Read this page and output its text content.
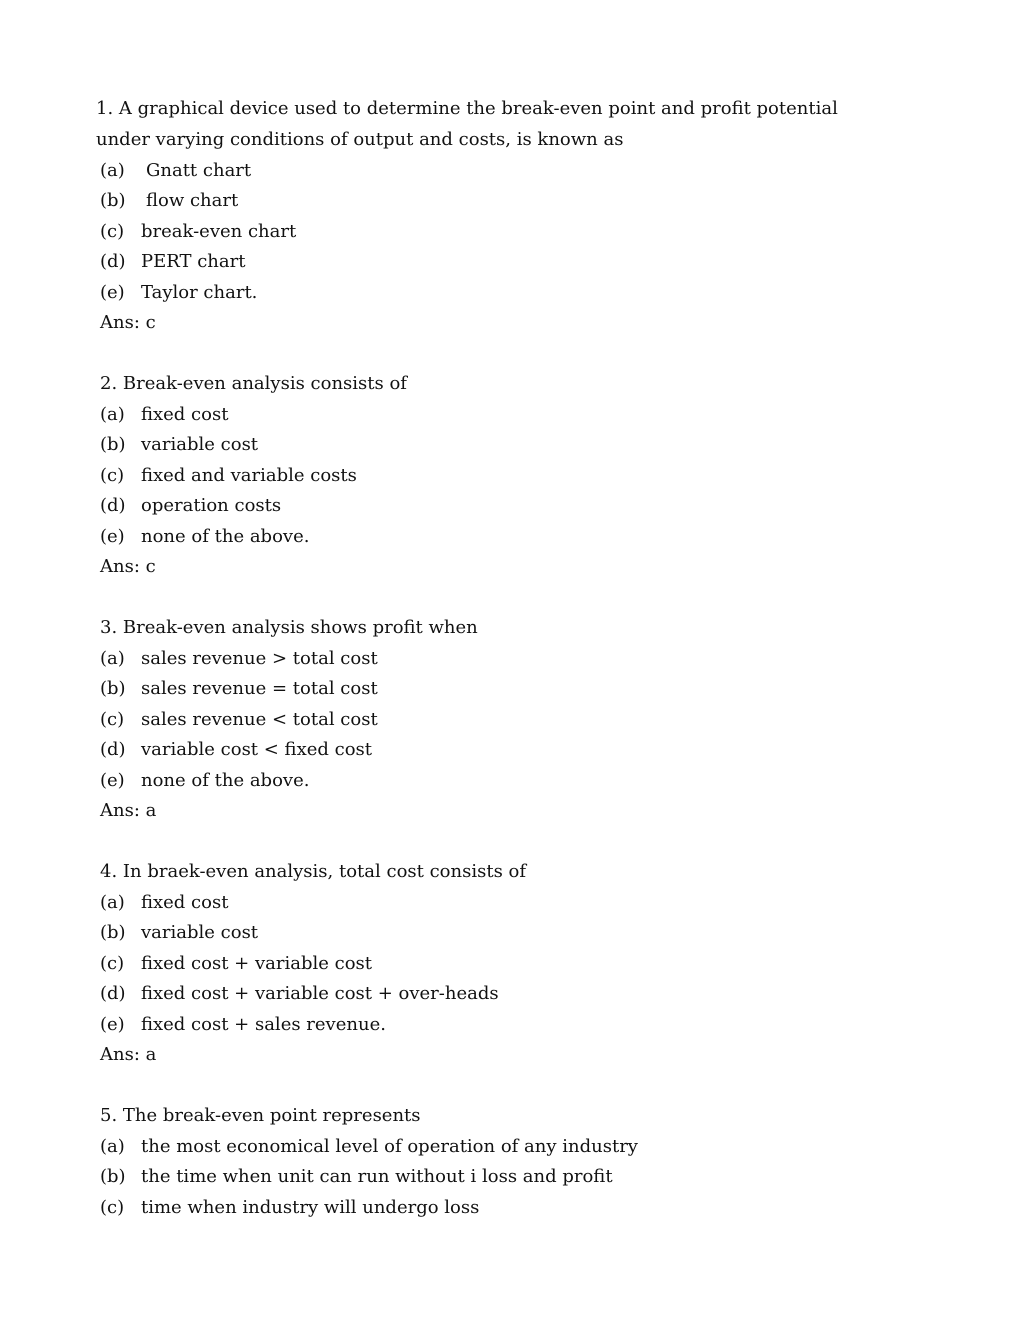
1. A graphical device used to determine the break-even point and profit potential under varying conditions of output and costs, is known as

(a) Gnatt chart
(b) flow chart
(c) break-even chart
(d) PERT chart
(e) Taylor chart.
Ans: c
2. Break-even analysis consists of
(a) fixed cost
(b) variable cost
(c) fixed and variable costs
(d) operation costs
(e) none of the above.
Ans: c
3. Break-even analysis shows profit when
(a) sales revenue > total cost
(b) sales revenue = total cost
(c) sales revenue < total cost
(d) variable cost < fixed cost
(e) none of the above.
Ans: a
4. In braek-even analysis, total cost consists of
(a) fixed cost
(b) variable cost
(c) fixed cost + variable cost
(d) fixed cost + variable cost + over-heads
(e) fixed cost + sales revenue.
Ans: a
5. The break-even point represents
(a) the most economical level of operation of any industry
(b) the time when unit can run without i loss and profit
(c) time when industry will undergo loss
